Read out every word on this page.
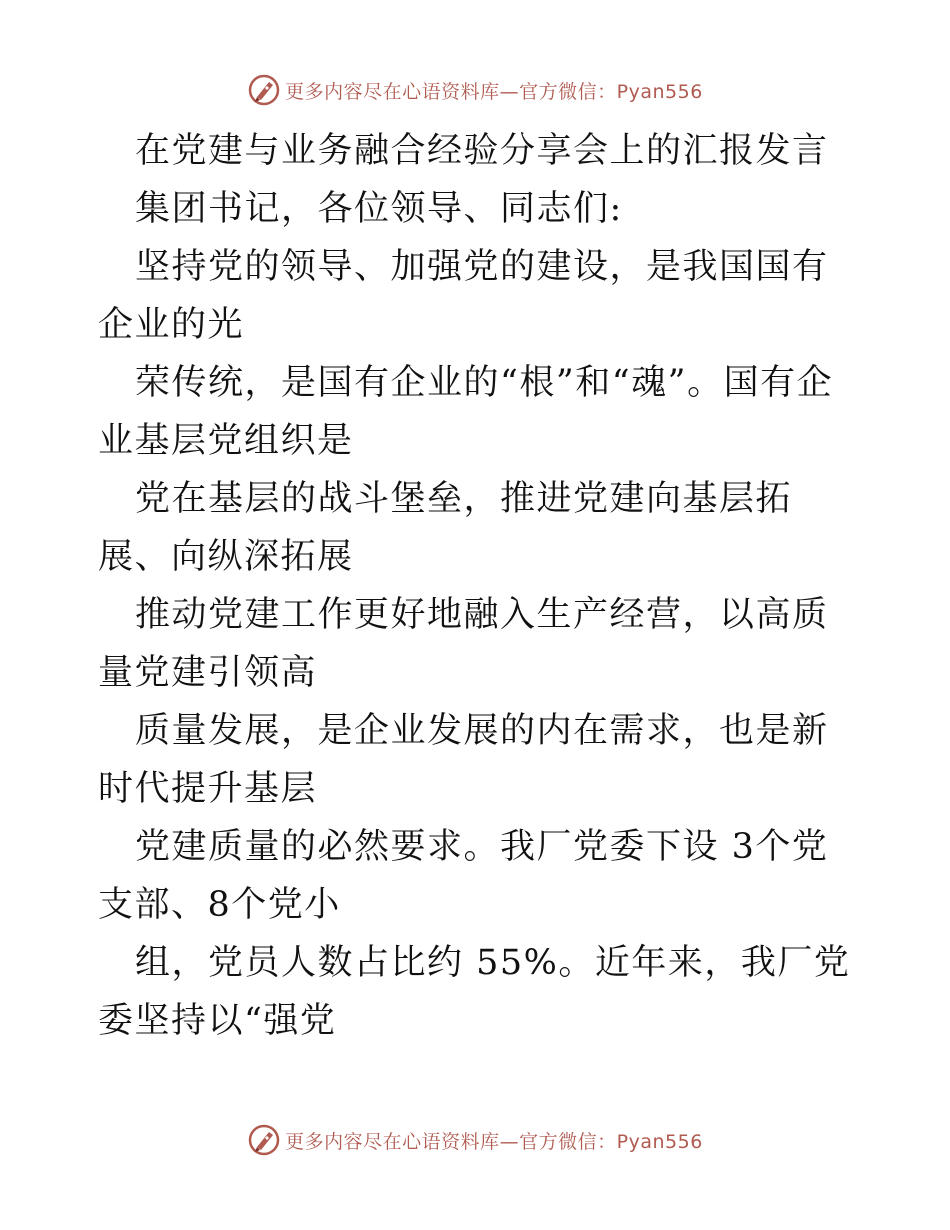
更多内容尽在心语资料库—官方微信：Pyan556

在党建与业务融合经验分享会上的汇报发言

集团书记，各位领导、同志们:

坚持党的领导、加强党的建设，是我国国有企业的光

荣传统，是国有企业的“根”和“魂”。国有企业基层党组织是

党在基层的战斗堡垒，推进党建向基层拓展、向纵深拓展

推动党建工作更好地融入生产经营，以高质量党建引领高

质量发展，是企业发展的内在需求，也是新时代提升基层

党建质量的必然要求。我厂党委下设 3个党支部、8个党小

组，党员人数占比约 55%。近年来，我厂党委坚持以“强党

更多内容尽在心语资料库—官方微信：Pyan556
